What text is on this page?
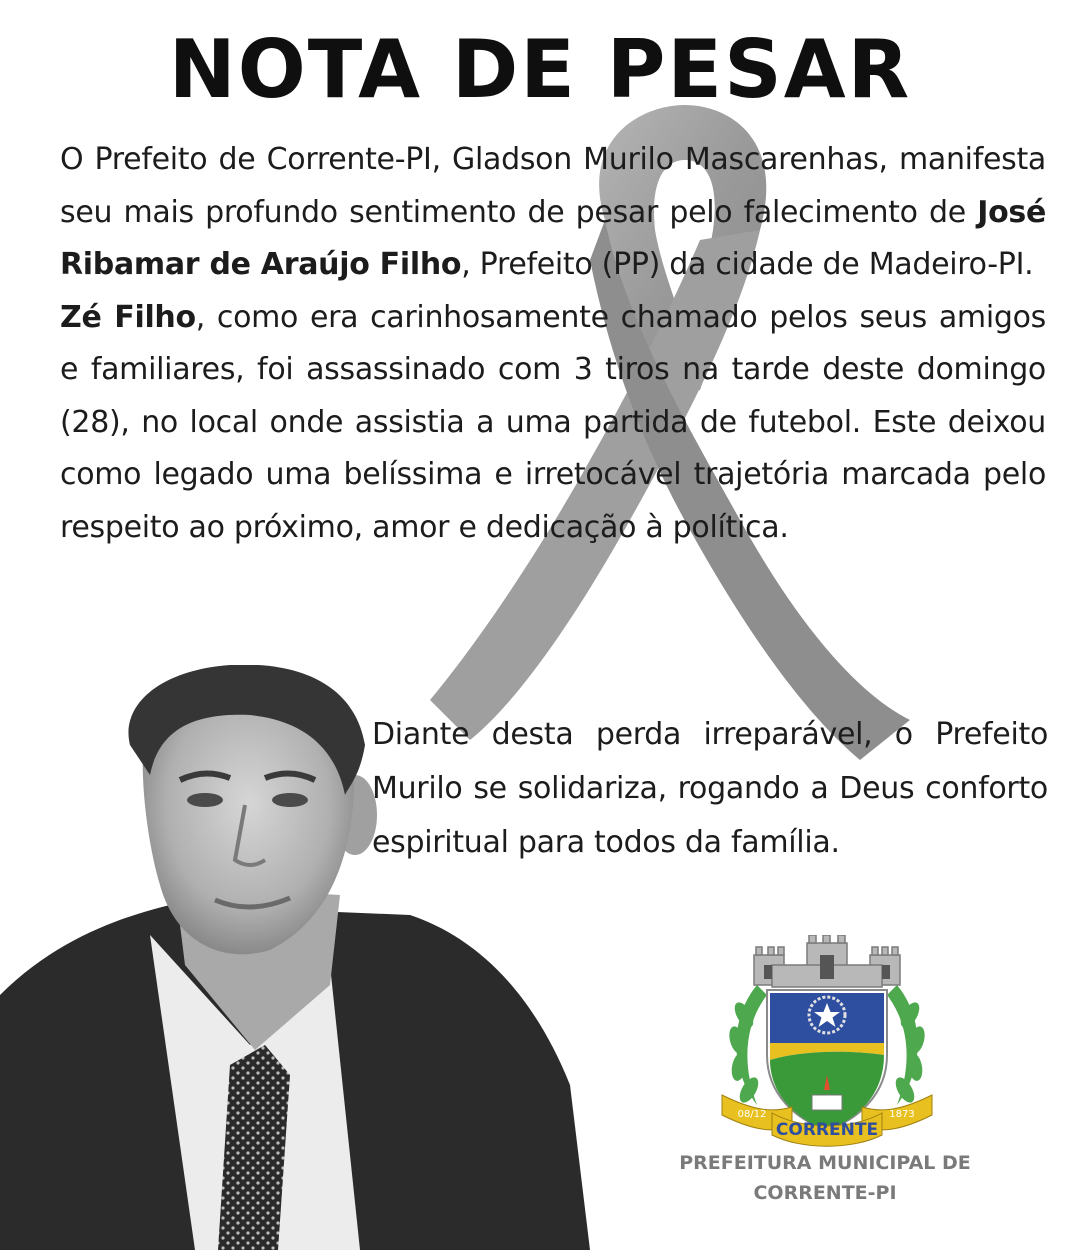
NOTA DE PESAR

O Prefeito de Corrente-PI, Gladson Murilo Mascarenhas, manifesta seu mais profundo sentimento de pesar pelo falecimento de José Ribamar de Araújo Filho, Prefeito (PP) da cidade de Madeiro-PI.

Zé Filho, como era carinhosamente chamado pelos seus amigos e familiares, foi assassinado com 3 tiros na tarde deste domingo (28), no local onde assistia a uma partida de futebol. Este deixou como legado uma belíssima e irretocável trajetória marcada pelo respeito ao próximo, amor e dedicação à política.

Diante desta perda irreparável, o Prefeito Murilo se solidariza, rogando a Deus conforto espiritual para todos da família.

CORRENTE
08/12	1873
PREFEITURA MUNICIPAL DE
CORRENTE-PI
